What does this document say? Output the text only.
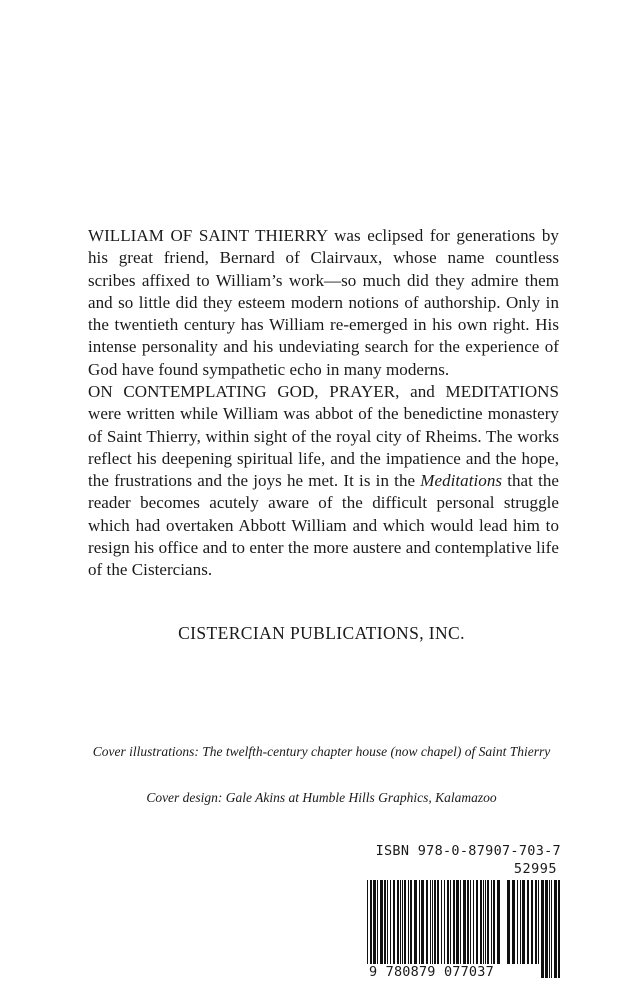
WILLIAM OF SAINT THIERRY was eclipsed for generations by his great friend, Bernard of Clairvaux, whose name countless scribes affixed to William’s work—so much did they admire them and so little did they esteem modern notions of authorship. Only in the twentieth century has William re-emerged in his own right. His intense personality and his undeviating search for the experience of God have found sympathetic echo in many moderns.
ON CONTEMPLATING GOD, PRAYER, and MEDITATIONS were written while William was abbot of the benedictine monastery of Saint Thierry, within sight of the royal city of Rheims. The works reflect his deepening spiritual life, and the impatience and the hope, the frustrations and the joys he met. It is in the Meditations that the reader becomes acutely aware of the difficult personal struggle which had overtaken Abbott William and which would lead him to resign his office and to enter the more austere and contemplative life of the Cistercians.
CISTERCIAN PUBLICATIONS, INC.
Cover illustrations: The twelfth-century chapter house (now chapel) of Saint Thierry
Cover design: Gale Akins at Humble Hills Graphics, Kalamazoo
ISBN 978-0-87907-703-7
52995
9 780879 077037
